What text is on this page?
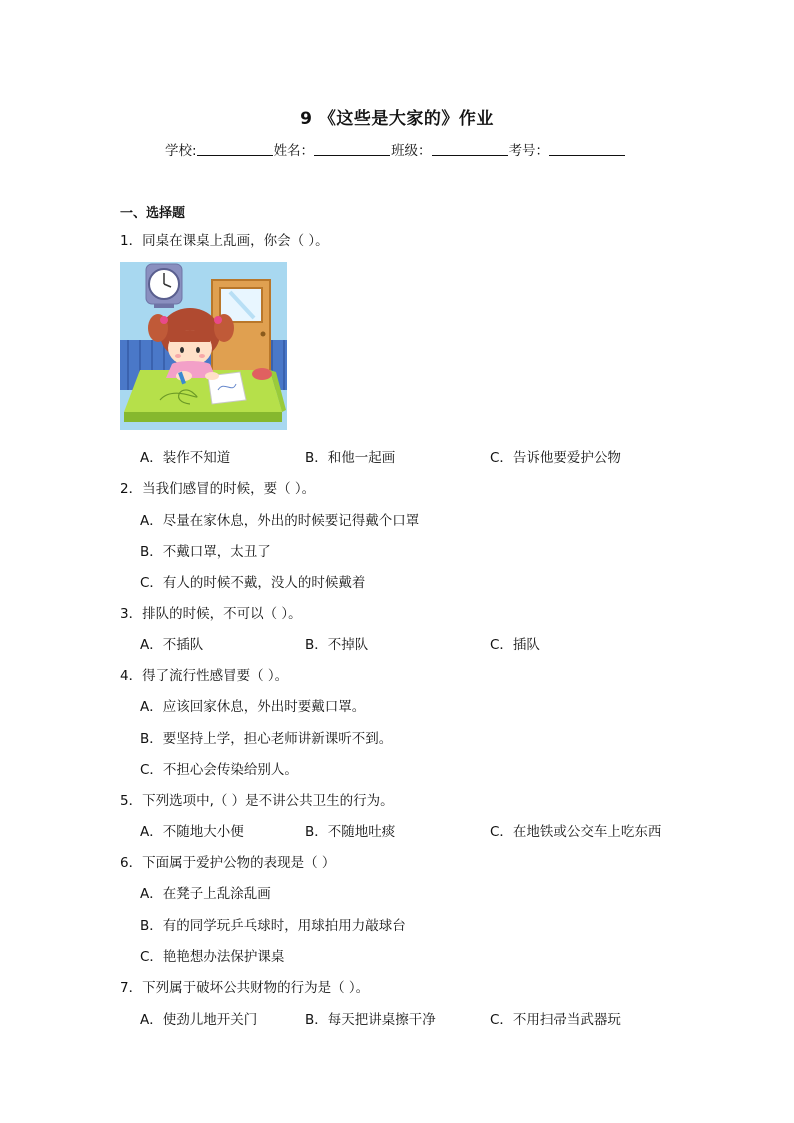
9 《这些是大家的》作业
学校:	姓名：	班级：	考号：
一、选择题
1．同桌在课桌上乱画，你会（ ）。
A．装作不知道	B．和他一起画	C．告诉他要爱护公物
2．当我们感冒的时候，要（ ）。
A．尽量在家休息，外出的时候要记得戴个口罩
B．不戴口罩，太丑了
C．有人的时候不戴，没人的时候戴着
3．排队的时候，不可以（ ）。
A．不插队	B．不掉队	C．插队
4．得了流行性感冒要（ ）。
A．应该回家休息，外出时要戴口罩。
B．要坚持上学，担心老师讲新课听不到。
C．不担心会传染给别人。
5．下列选项中,（ ）是不讲公共卫生的行为。
A．不随地大小便	B．不随地吐痰	C．在地铁或公交车上吃东西
6．下面属于爱护公物的表现是（ ）
A．在凳子上乱涂乱画
B．有的同学玩乒乓球时，用球拍用力敲球台
C．艳艳想办法保护课桌
7．下列属于破坏公共财物的行为是（ ）。
A．使劲儿地开关门	B．每天把讲桌擦干净	C．不用扫帚当武器玩
